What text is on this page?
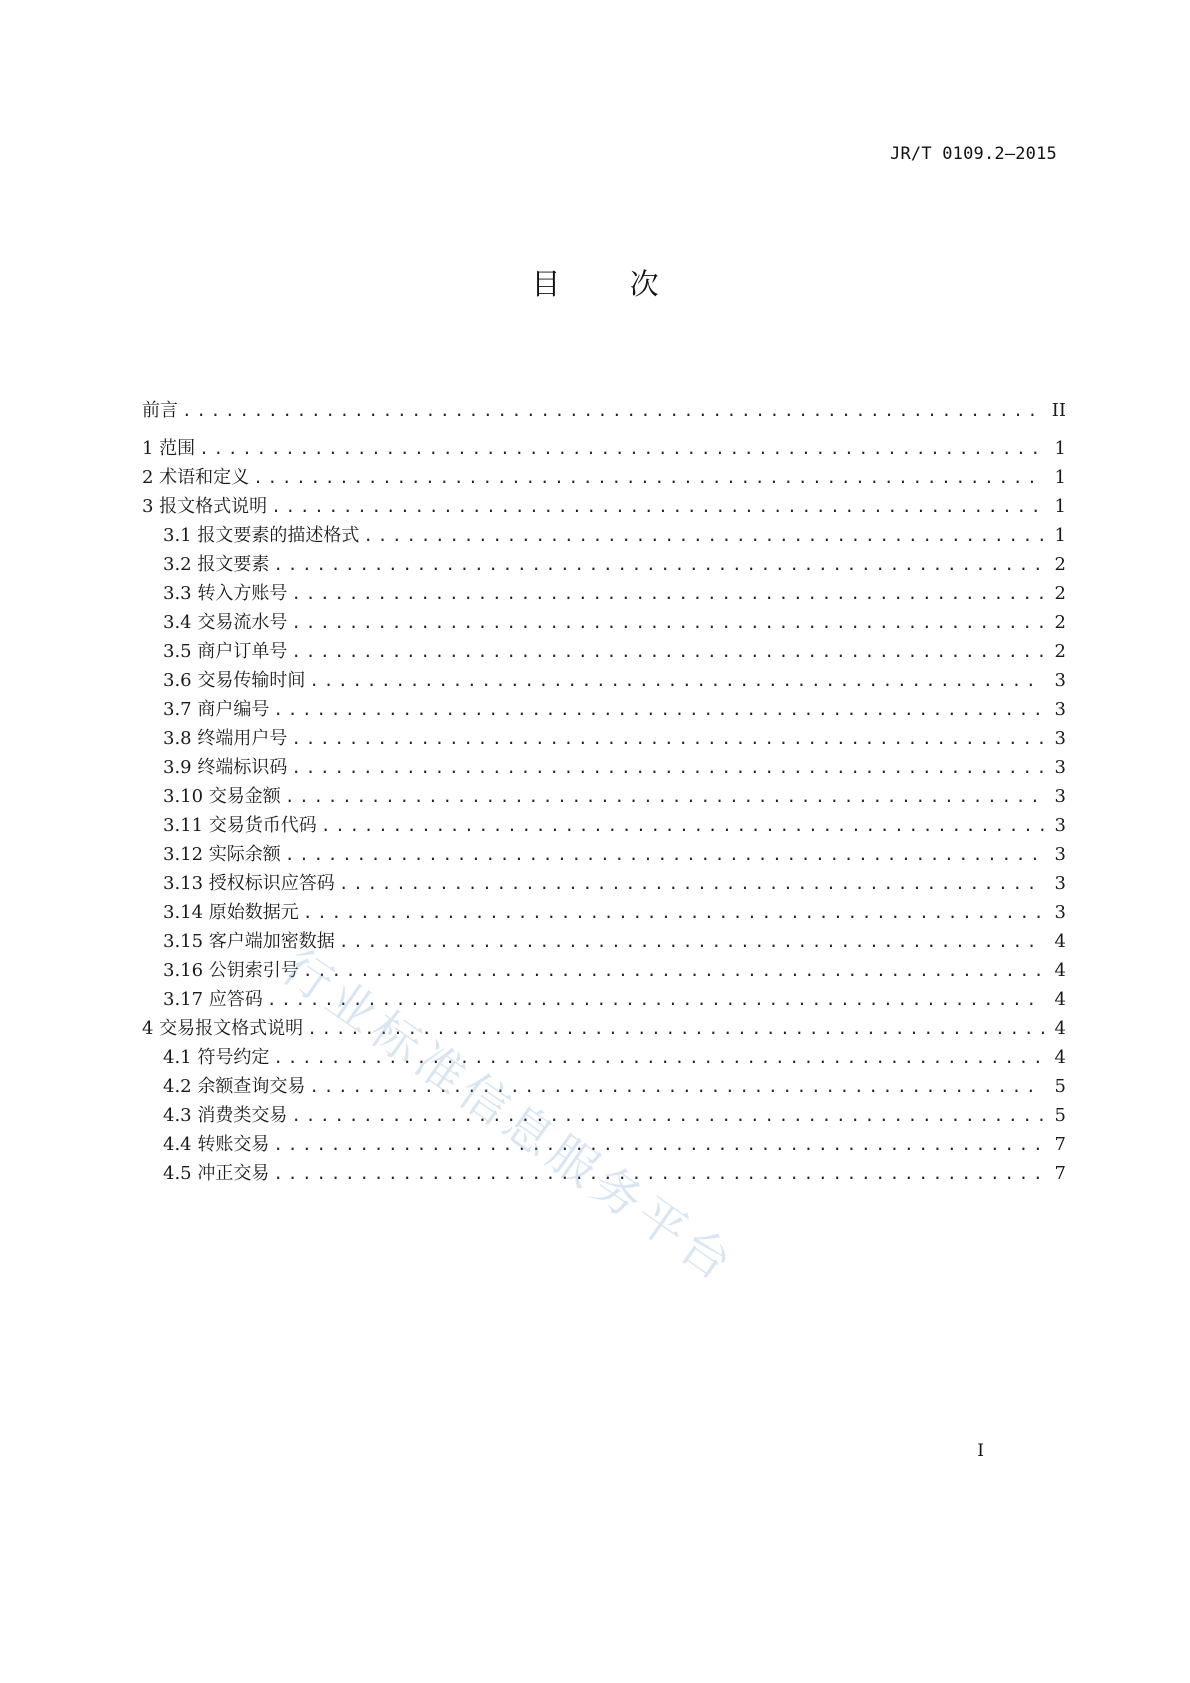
JR/T 0109.2—2015
目 次
前言 .....	II
1 范围 .....	1
2 术语和定义 .....	1
3 报文格式说明 .....	1
3.1 报文要素的描述格式 .....	1
3.2 报文要素 .....	2
3.3 转入方账号 .....	2
3.4 交易流水号 .....	2
3.5 商户订单号 .....	2
3.6 交易传输时间 .....	3
3.7 商户编号 .....	3
3.8 终端用户号 .....	3
3.9 终端标识码 .....	3
3.10 交易金额 .....	3
3.11 交易货币代码 .....	3
3.12 实际余额 .....	3
3.13 授权标识应答码 .....	3
3.14 原始数据元 .....	3
3.15 客户端加密数据 .....	4
3.16 公钥索引号 .....	4
3.17 应答码 .....	4
4 交易报文格式说明 .....	4
4.1 符号约定 .....	4
4.2 余额查询交易 .....	5
4.3 消费类交易 .....	5
4.4 转账交易 .....	7
4.5 冲正交易 .....	7
行业标准信息服务平台
I
